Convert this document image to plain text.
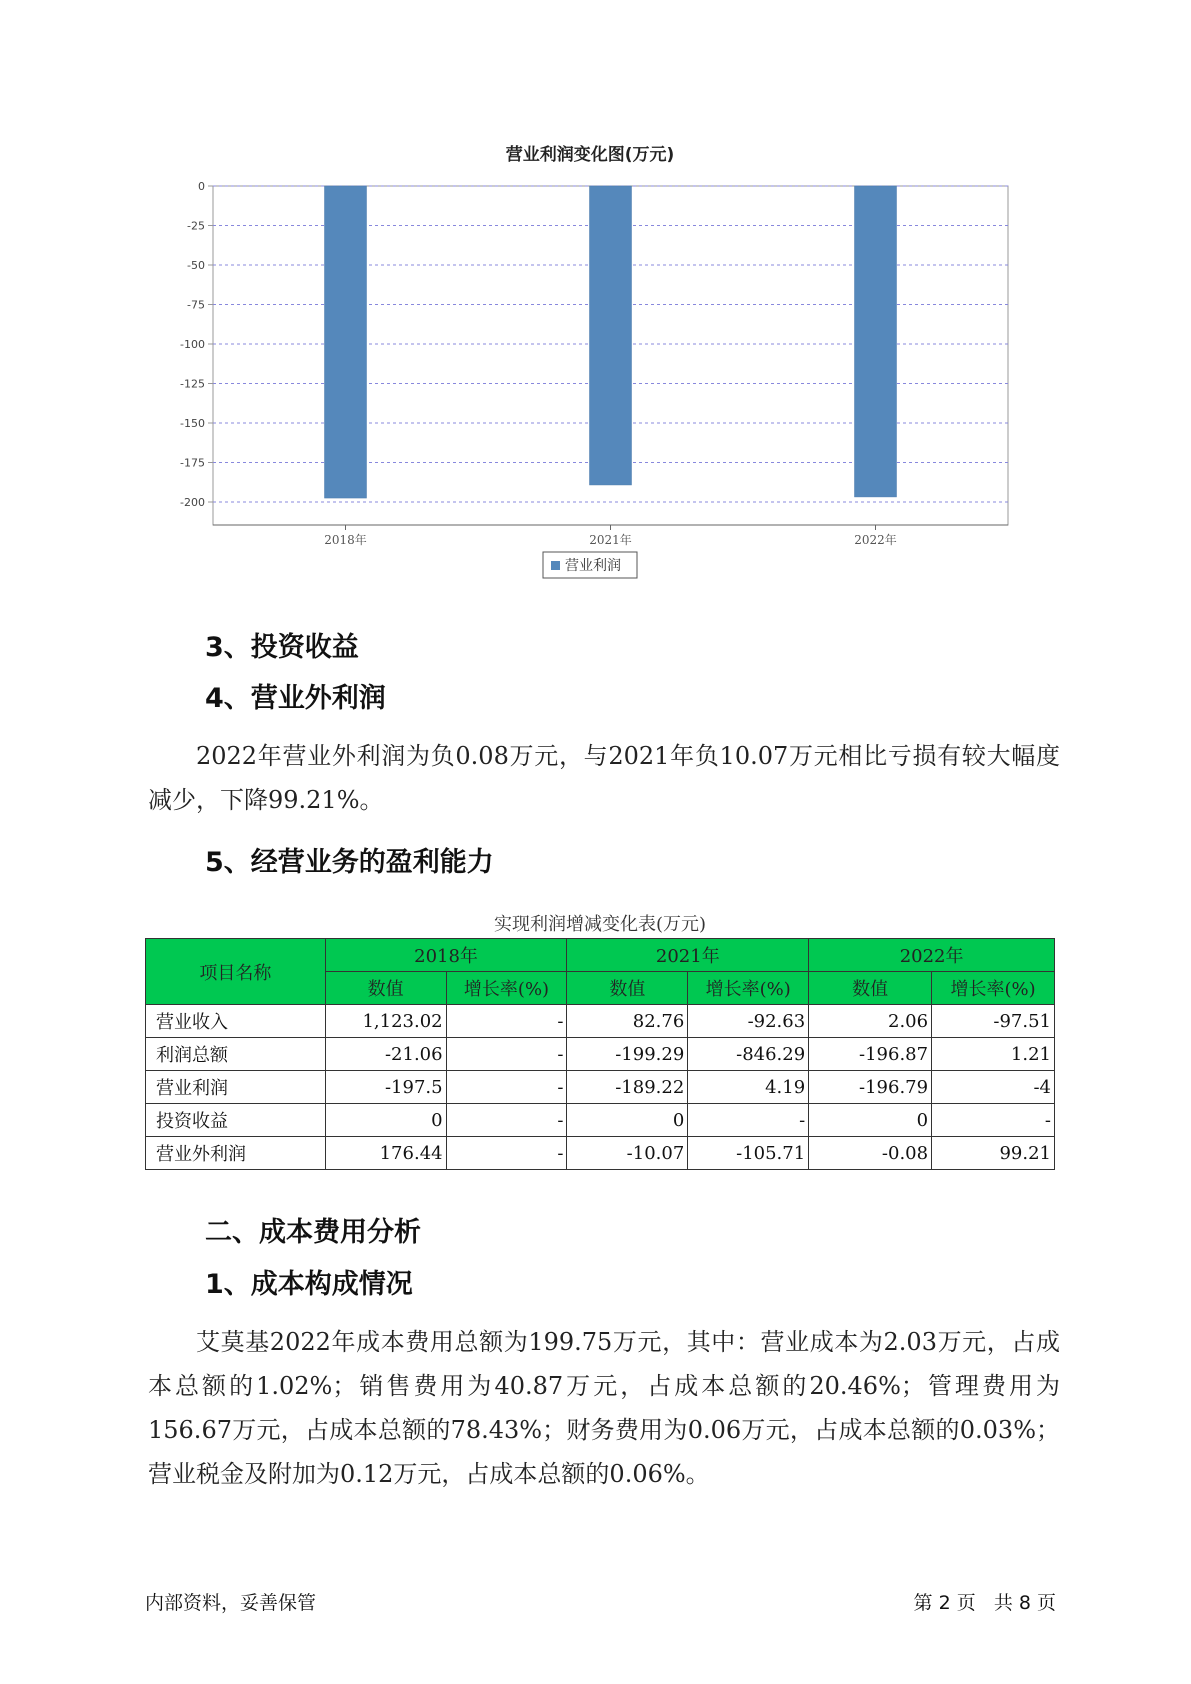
营业利润变化图(万元)
0
-25
-50
-75
-100
-125
-150
-175
-200
2018年	2021年	2022年
营业利润
3、投资收益
4、营业外利润
2022年营业外利润为负0.08万元，与2021年负10.07万元相比亏损有较大幅度减少，下降99.21%。
5、经营业务的盈利能力
实现利润增减变化表(万元)
项目名称	2018年		2021年		2022年	
	数值	增长率(%)	数值	增长率(%)	数值	增长率(%)
营业收入	1,123.02	-	82.76	-92.63	2.06	-97.51
利润总额	-21.06	-	-199.29	-846.29	-196.87	1.21
营业利润	-197.5	-	-189.22	4.19	-196.79	-4
投资收益	0	-	0	-	0	-
营业外利润	176.44	-	-10.07	-105.71	-0.08	99.21
二、成本费用分析
1、成本构成情况
艾莫基2022年成本费用总额为199.75万元，其中：营业成本为2.03万元，占成本总额的1.02%；销售费用为40.87万元，占成本总额的20.46%；管理费用为156.67万元，占成本总额的78.43%；财务费用为0.06万元，占成本总额的0.03%；营业税金及附加为0.12万元，占成本总额的0.06%。
内部资料，妥善保管	第 2 页   共 8 页
